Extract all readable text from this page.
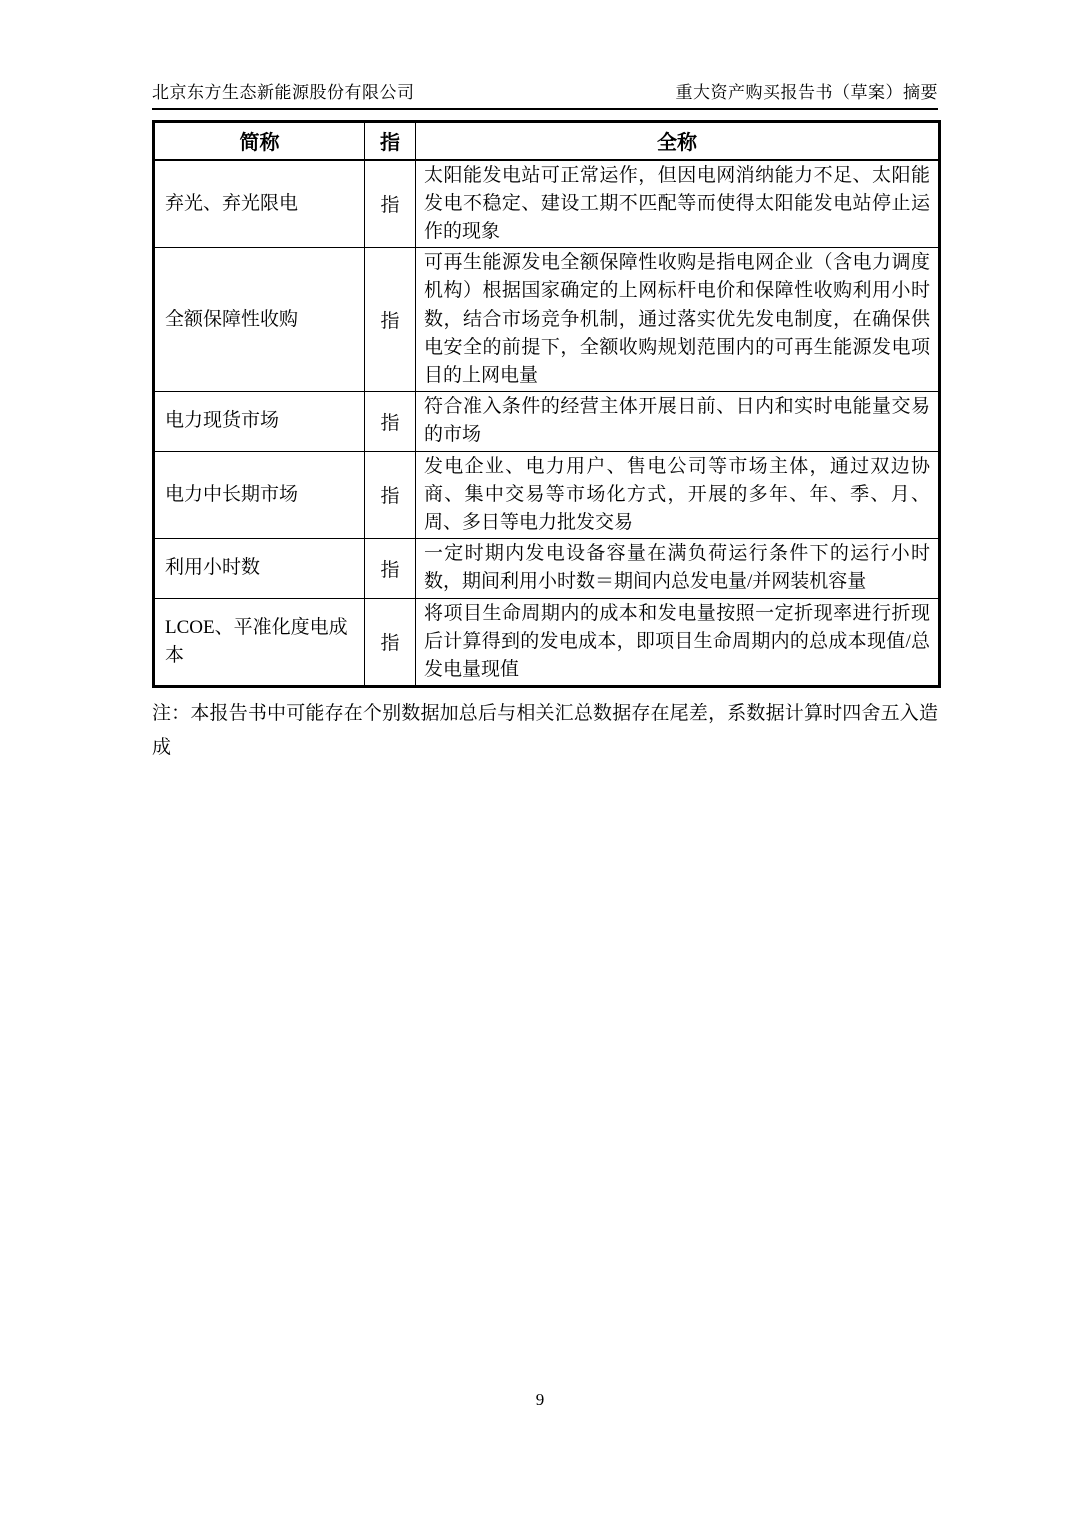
北京东方生态新能源股份有限公司	重大资产购买报告书（草案）摘要
简称	指	全称
弃光、弃光限电	指	太阳能发电站可正常运作，但因电网消纳能力不足、太阳能发电不稳定、建设工期不匹配等而使得太阳能发电站停止运作的现象
全额保障性收购	指	可再生能源发电全额保障性收购是指电网企业（含电力调度机构）根据国家确定的上网标杆电价和保障性收购利用小时数，结合市场竞争机制，通过落实优先发电制度，在确保供电安全的前提下，全额收购规划范围内的可再生能源发电项目的上网电量
电力现货市场	指	符合准入条件的经营主体开展日前、日内和实时电能量交易的市场
电力中长期市场	指	发电企业、电力用户、售电公司等市场主体，通过双边协商、集中交易等市场化方式，开展的多年、年、季、月、周、多日等电力批发交易
利用小时数	指	一定时期内发电设备容量在满负荷运行条件下的运行小时数，期间利用小时数＝期间内总发电量/并网装机容量
LCOE、平准化度电成本	指	将项目生命周期内的成本和发电量按照一定折现率进行折现后计算得到的发电成本，即项目生命周期内的总成本现值/总发电量现值

注：本报告书中可能存在个别数据加总后与相关汇总数据存在尾差，系数据计算时四舍五入造成

9
